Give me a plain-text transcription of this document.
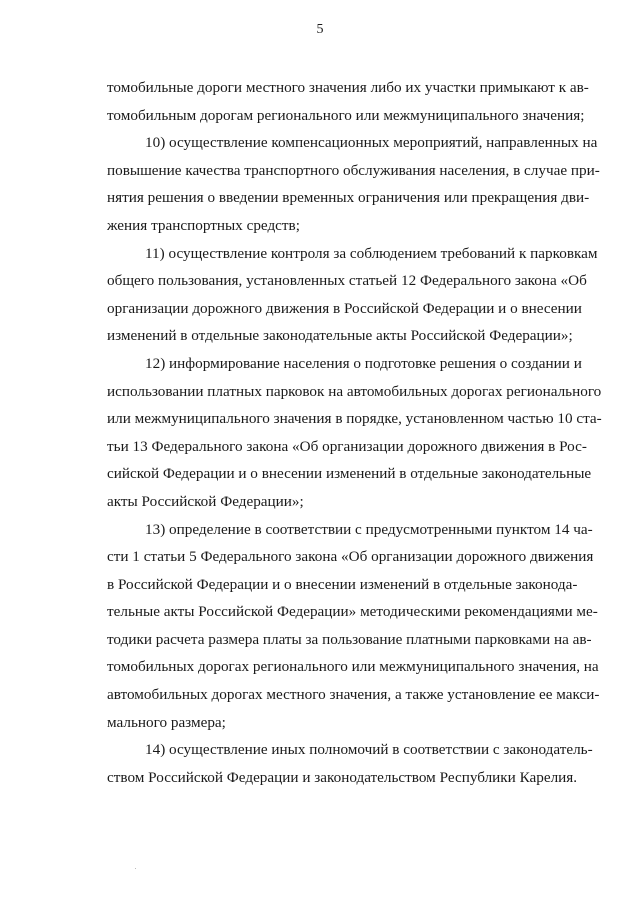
5
томобильные дороги местного значения либо их участки примыкают к ав-
томобильным дорогам регионального или межмуниципального значения;
10) осуществление компенсационных мероприятий, направленных на
повышение качества транспортного обслуживания населения, в случае при-
нятия решения о введении временных ограничения или прекращения дви-
жения транспортных средств;
11) осуществление контроля за соблюдением требований к парковкам
общего пользования, установленных статьей 12 Федерального закона «Об
организации дорожного движения в Российской Федерации и о внесении
изменений в отдельные законодательные акты Российской Федерации»;
12) информирование населения о подготовке решения о создании и
использовании платных парковок на автомобильных дорогах регионального
или межмуниципального значения в порядке, установленном частью 10 ста-
тьи 13 Федерального закона «Об организации дорожного движения в Рос-
сийской Федерации и о внесении изменений в отдельные законодательные
акты Российской Федерации»;
13) определение в соответствии с предусмотренными пунктом 14 ча-
сти 1 статьи 5 Федерального закона «Об организации дорожного движения
в Российской Федерации и о внесении изменений в отдельные законода-
тельные акты Российской Федерации» методическими рекомендациями ме-
тодики расчета размера платы за пользование платными парковками на ав-
томобильных дорогах регионального или межмуниципального значения, на
автомобильных дорогах местного значения, а также установление ее макси-
мального размера;
14) осуществление иных полномочий в соответствии с законодатель-
ством Российской Федерации и законодательством Республики Карелия.
